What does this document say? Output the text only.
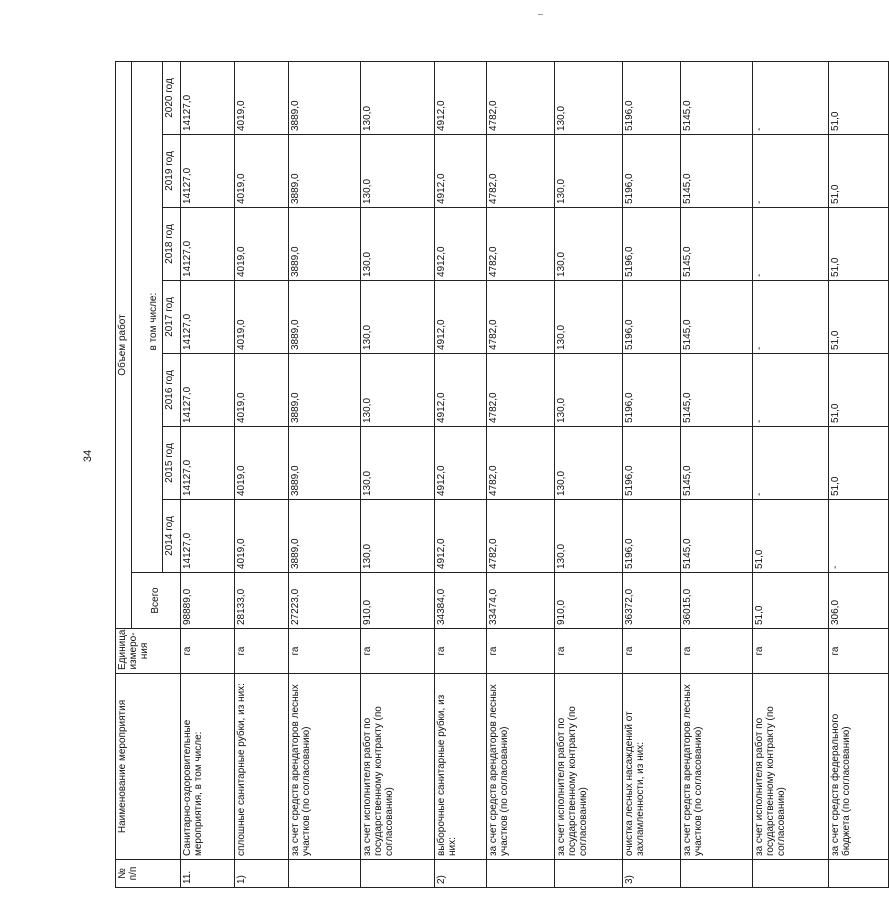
34
№ п/п	Наименование мероприятия	Единица измеро-ния	Объем работ							
			Всего							
							в том числе:			
				2014 год	2015 год	2016 год	2017 год	2018 год	2019 год	2020 год
11.	Санитарно-оздоровительные мероприятия, в том числе:	га	98889,0	14127,0	14127,0	14127,0	14127,0	14127,0	14127,0	14127,0
1)	сплошные санитарные рубки, из них:	га	28133,0	4019,0	4019,0	4019,0	4019,0	4019,0	4019,0	4019,0
	за счет средств арендаторов лесных участков (по согласованию)	га	27223,0	3889,0	3889,0	3889,0	3889,0	3889,0	3889,0	3889,0
	за счет исполнителя работ по государственному контракту (по согласованию)	га	910,0	130,0	130,0	130,0	130,0	130,0	130,0	130,0
2)	выборочные санитарные рубки, из них:	га	34384,0	4912,0	4912,0	4912,0	4912,0	4912,0	4912,0	4912,0
	за счет средств арендаторов лесных участков (по согласованию)	га	33474,0	4782,0	4782,0	4782,0	4782,0	4782,0	4782,0	4782,0
	за счет исполнителя работ по государственному контракту (по согласованию)	га	910,0	130,0	130,0	130,0	130,0	130,0	130,0	130,0
3)	очистка лесных насаждений от захламленности, из них:	га	36372,0	5196,0	5196,0	5196,0	5196,0	5196,0	5196,0	5196,0
	за счет средств арендаторов лесных участков (по согласованию)	га	36015,0	5145,0	5145,0	5145,0	5145,0	5145,0	5145,0	5145,0
	за счет исполнителя работ по государственному контракту (по согласованию)	га	51,0	51,0	-	-	-	-	-	-
	за счет средств федерального бюджета (по согласованию)	га	306,0	-	51,0	51,0	51,0	51,0	51,0	51,0
